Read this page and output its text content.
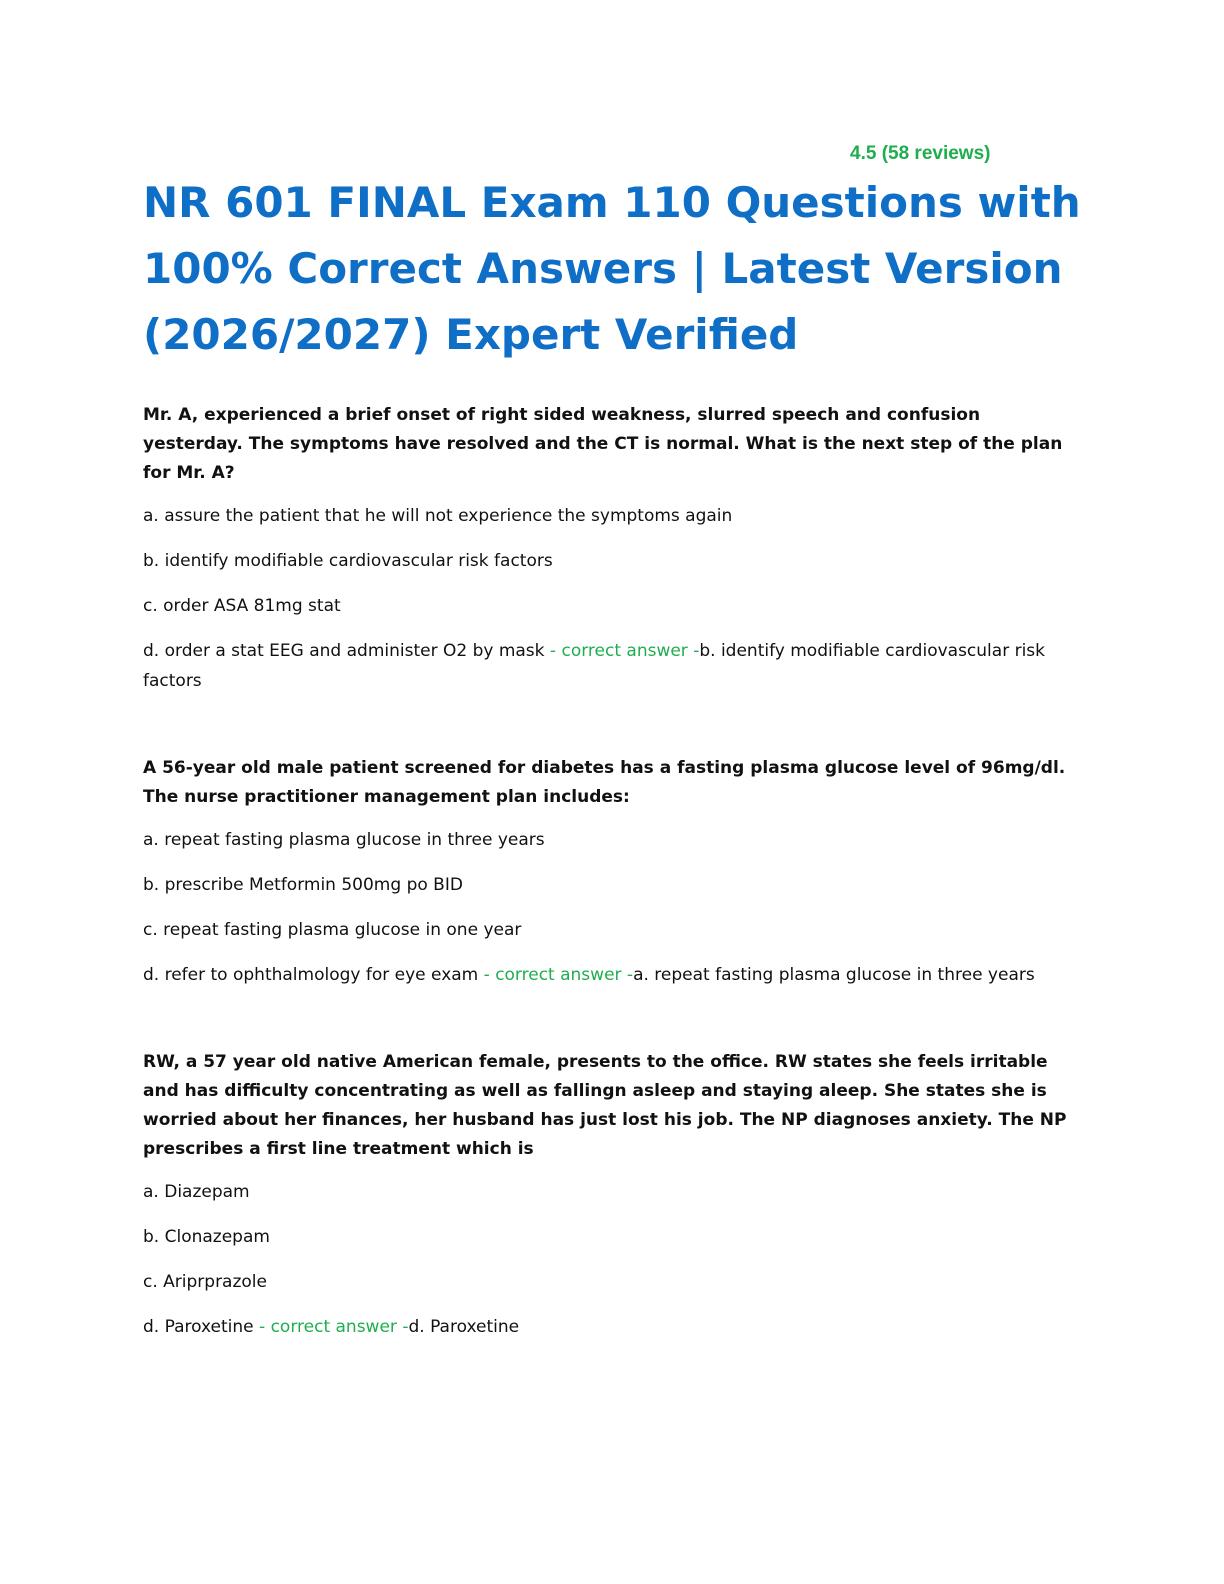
4.5 (58 reviews)
NR 601 FINAL Exam 110 Questions with 100% Correct Answers | Latest Version (2026/2027) Expert Verified

Mr. A, experienced a brief onset of right sided weakness, slurred speech and confusion yesterday. The symptoms have resolved and the CT is normal. What is the next step of the plan for Mr. A?

a. assure the patient that he will not experience the symptoms again

b. identify modifiable cardiovascular risk factors

c. order ASA 81mg stat

d. order a stat EEG and administer O2 by mask - correct answer -b. identify modifiable cardiovascular risk factors

A 56-year old male patient screened for diabetes has a fasting plasma glucose level of 96mg/dl. The nurse practitioner management plan includes:

a. repeat fasting plasma glucose in three years

b. prescribe Metformin 500mg po BID

c. repeat fasting plasma glucose in one year

d. refer to ophthalmology for eye exam - correct answer -a. repeat fasting plasma glucose in three years

RW, a 57 year old native American female, presents to the office. RW states she feels irritable and has difficulty concentrating as well as fallingn asleep and staying aleep. She states she is worried about her finances, her husband has just lost his job. The NP diagnoses anxiety. The NP prescribes a first line treatment which is

a. Diazepam

b. Clonazepam

c. Ariprprazole

d. Paroxetine - correct answer -d. Paroxetine
